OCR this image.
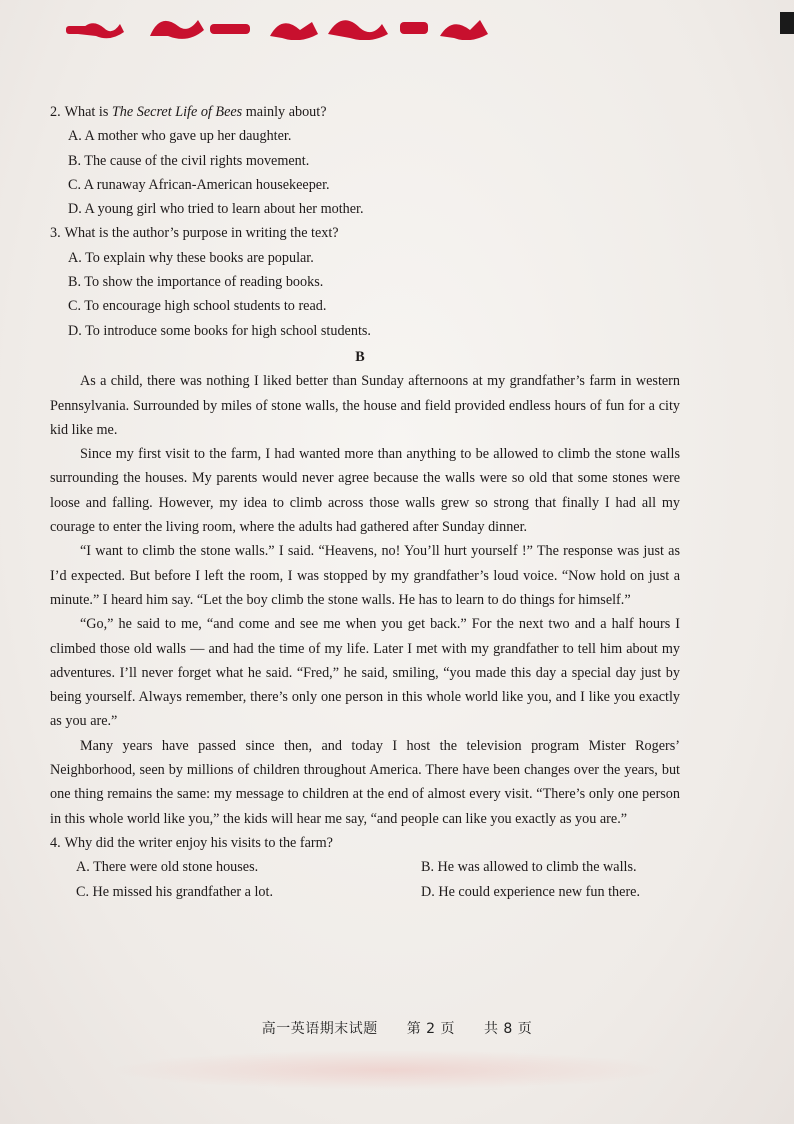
2. What is The Secret Life of Bees mainly about?

A. A mother who gave up her daughter.

B. The cause of the civil rights movement.

C. A runaway African-American housekeeper.

D. A young girl who tried to learn about her mother.

3. What is the author’s purpose in writing the text?

A. To explain why these books are popular.

B. To show the importance of reading books.

C. To encourage high school students to read.

D. To introduce some books for high school students.

B

As a child, there was nothing I liked better than Sunday afternoons at my grandfather’s farm in western Pennsylvania. Surrounded by miles of stone walls, the house and field provided endless hours of fun for a city kid like me.

Since my first visit to the farm, I had wanted more than anything to be allowed to climb the stone walls surrounding the houses. My parents would never agree because the walls were so old that some stones were loose and falling. However, my idea to climb across those walls grew so strong that finally I had all my courage to enter the living room, where the adults had gathered after Sunday dinner.

“I want to climb the stone walls.” I said. “Heavens, no! You’ll hurt yourself !” The response was just as I’d expected. But before I left the room, I was stopped by my grandfather’s loud voice. “Now hold on just a minute.” I heard him say. “Let the boy climb the stone walls. He has to learn to do things for himself.”

“Go,” he said to me, “and come and see me when you get back.” For the next two and a half hours I climbed those old walls — and had the time of my life. Later I met with my grandfather to tell him about my adventures. I’ll never forget what he said. “Fred,” he said, smiling, “you made this day a special day just by being yourself. Always remember, there’s only one person in this whole world like you, and I like you exactly as you are.”

Many years have passed since then, and today I host the television program Mister Rogers’ Neighborhood, seen by millions of children throughout America. There have been changes over the years, but one thing remains the same: my message to children at the end of almost every visit. “There’s only one person in this whole world like you,” the kids will hear me say, “and people can like you exactly as you are.”

4. Why did the writer enjoy his visits to the farm?

A. There were old stone houses.	B. He was allowed to climb the walls.
C. He missed his grandfather a lot.	D. He could experience new fun there.
高一英语期末试题 第 2 页 共 8 页
